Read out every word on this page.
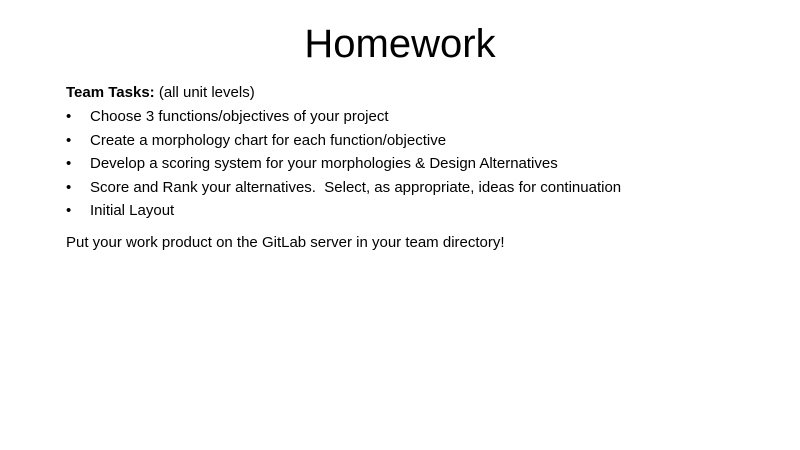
Homework

Team Tasks: (all unit levels)

•	Choose 3 functions/objectives of your project
•	Create a morphology chart for each function/objective
•	Develop a scoring system for your morphologies & Design Alternatives
•	Score and Rank your alternatives.  Select, as appropriate, ideas for continuation
•	Initial Layout

Put your work product on the GitLab server in your team directory!
